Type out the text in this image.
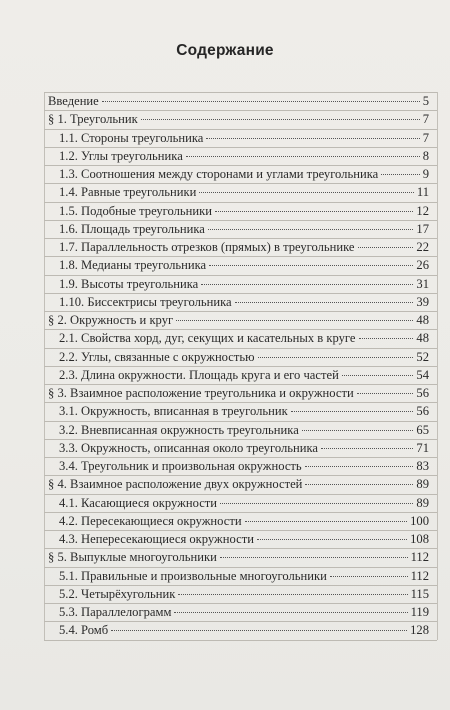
Содержание
Введение	5
§ 1. Треугольник	7
1.1. Стороны треугольника	7
1.2. Углы треугольника	8
1.3. Соотношения между сторонами и углами треугольника	9
1.4. Равные треугольники	11
1.5. Подобные треугольники	12
1.6. Площадь треугольника	17
1.7. Параллельность отрезков (прямых) в треугольнике	22
1.8. Медианы треугольника	26
1.9. Высоты треугольника	31
1.10. Биссектрисы треугольника	39
§ 2. Окружность и круг	48
2.1. Свойства хорд, дуг, секущих и касательных в круге	48
2.2. Углы, связанные с окружностью	52
2.3. Длина окружности. Площадь круга и его частей	54
§ 3. Взаимное расположение треугольника и окружности	56
3.1. Окружность, вписанная в треугольник	56
3.2. Вневписанная окружность треугольника	65
3.3. Окружность, описанная около треугольника	71
3.4. Треугольник и произвольная окружность	83
§ 4. Взаимное расположение двух окружностей	89
4.1. Касающиеся окружности	89
4.2. Пересекающиеся окружности	100
4.3. Непересекающиеся окружности	108
§ 5. Выпуклые многоугольники	112
5.1. Правильные и произвольные многоугольники	112
5.2. Четырёхугольник	115
5.3. Параллелограмм	119
5.4. Ромб	128
